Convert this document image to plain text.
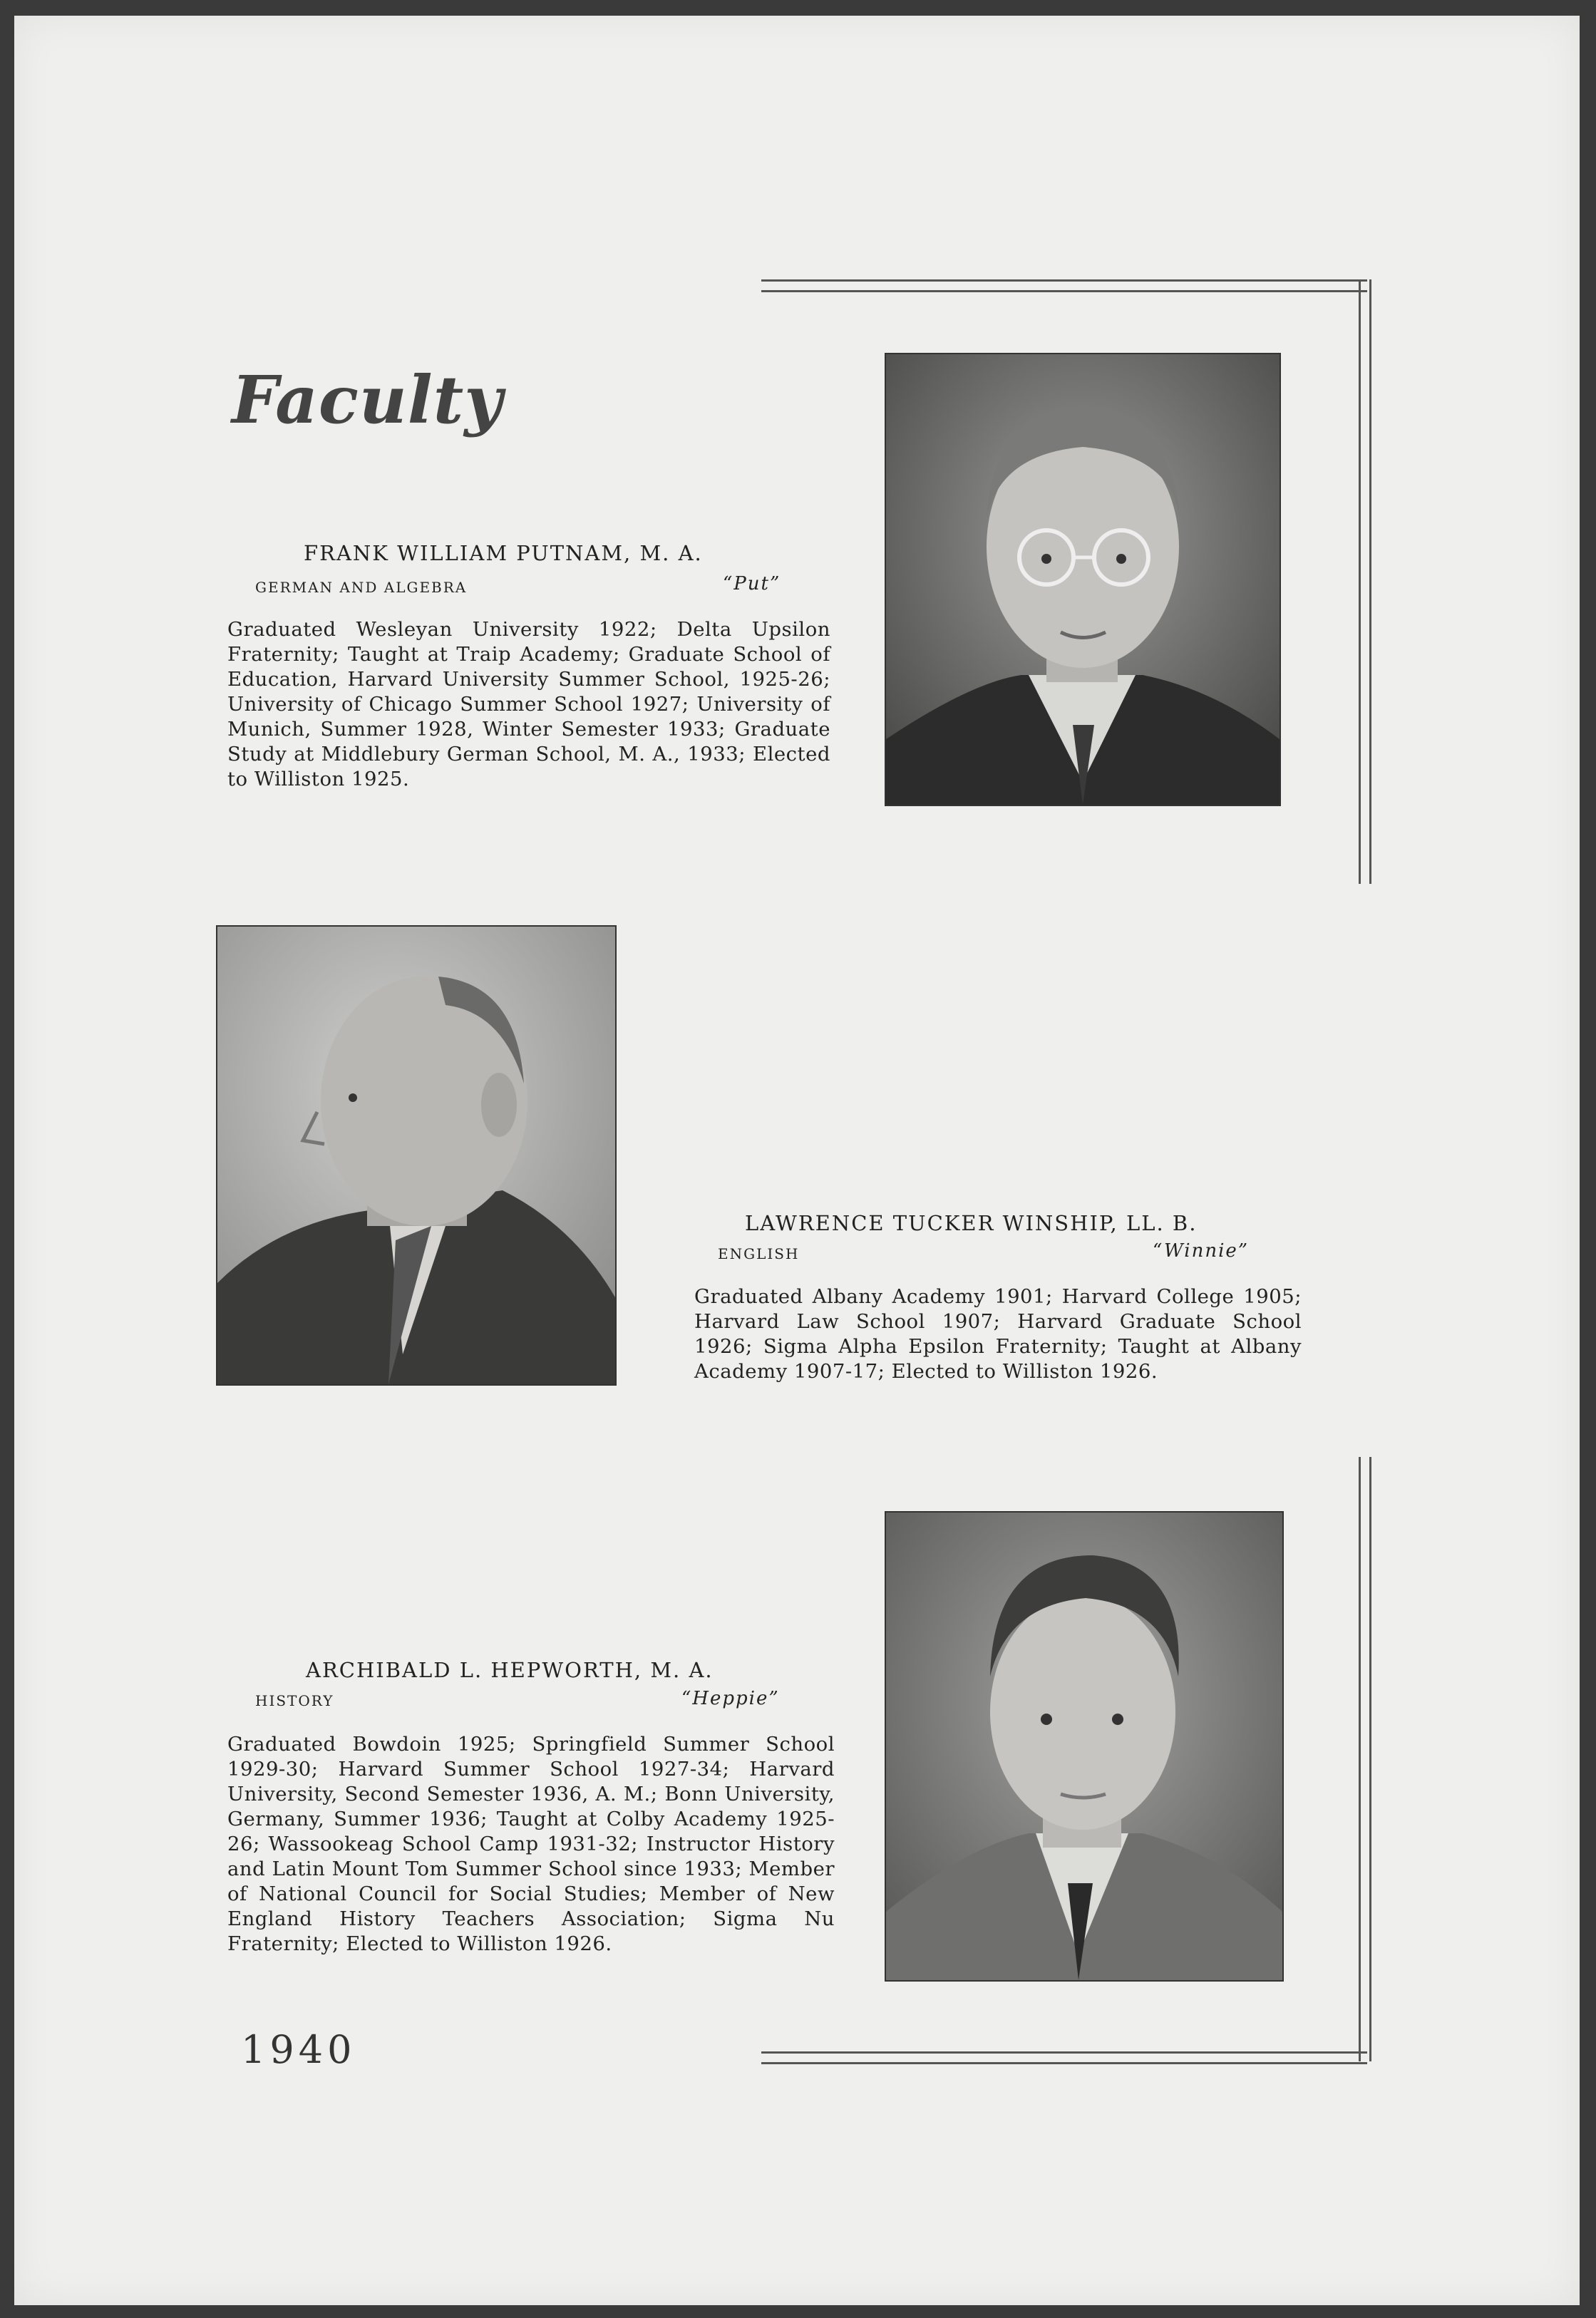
Faculty
FRANK WILLIAM PUTNAM, M. A.
GERMAN AND ALGEBRA	“Put”
Graduated Wesleyan University 1922; Delta Upsilon Fraternity; Taught at Traip Academy; Graduate School of Education, Harvard University Summer School, 1925-26; University of Chicago Summer School 1927; University of Munich, Summer 1928, Winter Semester 1933; Graduate Study at Middlebury German School, M. A., 1933; Elected to Williston 1925.
LAWRENCE TUCKER WINSHIP, LL. B.
ENGLISH	“Winnie”
Graduated Albany Academy 1901; Harvard College 1905; Harvard Law School 1907; Harvard Graduate School 1926; Sigma Alpha Epsilon Fraternity; Taught at Albany Academy 1907-17; Elected to Williston 1926.
ARCHIBALD L. HEPWORTH, M. A.
HISTORY	“Heppie”
Graduated Bowdoin 1925; Springfield Summer School 1929-30; Harvard Summer School 1927-34; Harvard University, Second Semester 1936, A. M.; Bonn University, Germany, Summer 1936; Taught at Colby Academy 1925-26; Wassookeag School Camp 1931-32; Instructor History and Latin Mount Tom Summer School since 1933; Member of National Council for Social Studies; Member of New England History Teachers Association; Sigma Nu Fraternity; Elected to Williston 1926.
1940
